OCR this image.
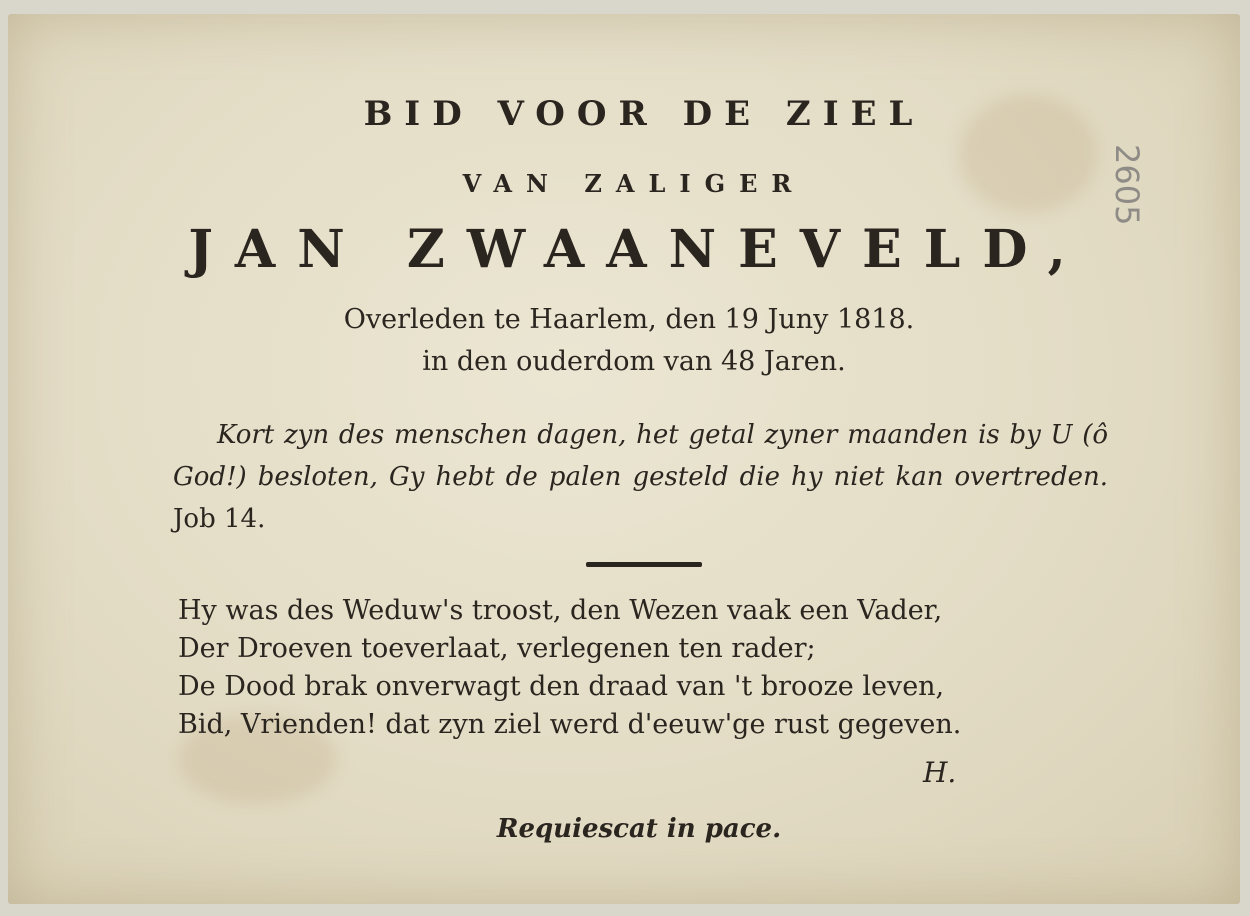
BID VOOR DE ZIEL
VAN ZALIGER
JAN ZWAANEVELD,
Overleden te Haarlem, den 19 Juny 1818.
in den ouderdom van 48 Jaren.
Kort zyn des menschen dagen, het getal zyner maanden is by U (ô God!) besloten, Gy hebt de palen gesteld die hy niet kan overtreden. Job 14.
Hy was des Weduw's troost, den Wezen vaak een Vader,
Der Droeven toeverlaat, verlegenen ten rader;
De Dood brak onverwagt den draad van 't brooze leven,
Bid, Vrienden! dat zyn ziel werd d'eeuw'ge rust gegeven.
H.
Requiescat in pace.
2605
